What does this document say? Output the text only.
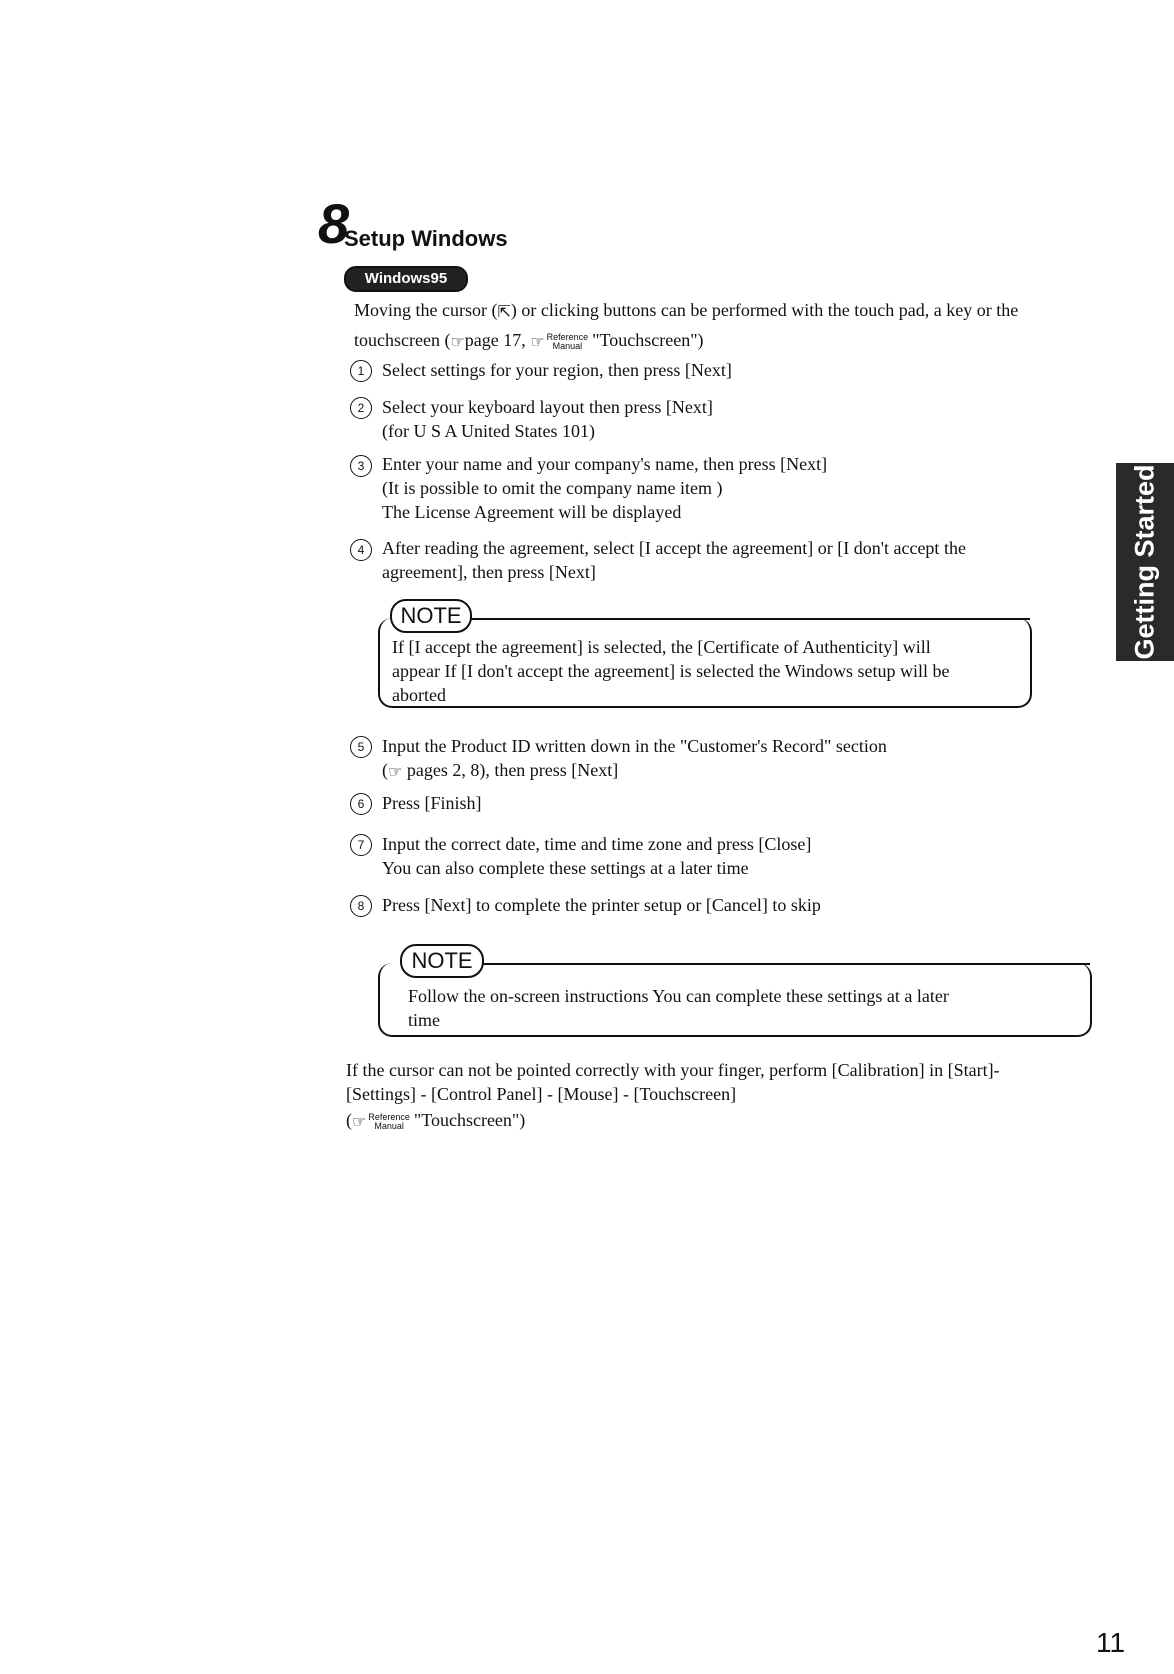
8
Setup Windows
Windows95
Moving the cursor (⇱) or clicking buttons can be performed with the touch pad, a key or the
touchscreen (☞page 17, ☞ Reference
Manual "Touchscreen")
1 Select settings for your region, then press [Next]
2 Select your keyboard layout then press [Next]
(for U S A United States 101)
3 Enter your name and your company's name, then press [Next]
(It is possible to omit the company name item )
The License Agreement will be displayed
4 After reading the agreement, select [I accept the agreement] or [I don't accept the
agreement], then press [Next]
NOTE
If [I accept the agreement] is selected, the [Certificate of Authenticity] will
appear If [I don't accept the agreement] is selected the Windows setup will be
aborted
5 Input the Product ID written down in the "Customer's Record" section
(☞ pages 2, 8), then press [Next]
6 Press [Finish]
7 Input the correct date, time and time zone and press [Close]
You can also complete these settings at a later time
8 Press [Next] to complete the printer setup or [Cancel] to skip
NOTE
Follow the on-screen instructions You can complete these settings at a later
time
If the cursor can not be pointed correctly with your finger, perform [Calibration] in [Start]-
[Settings] - [Control Panel] - [Mouse] - [Touchscreen]
(☞ Reference
Manual "Touchscreen")
Getting Started
11
